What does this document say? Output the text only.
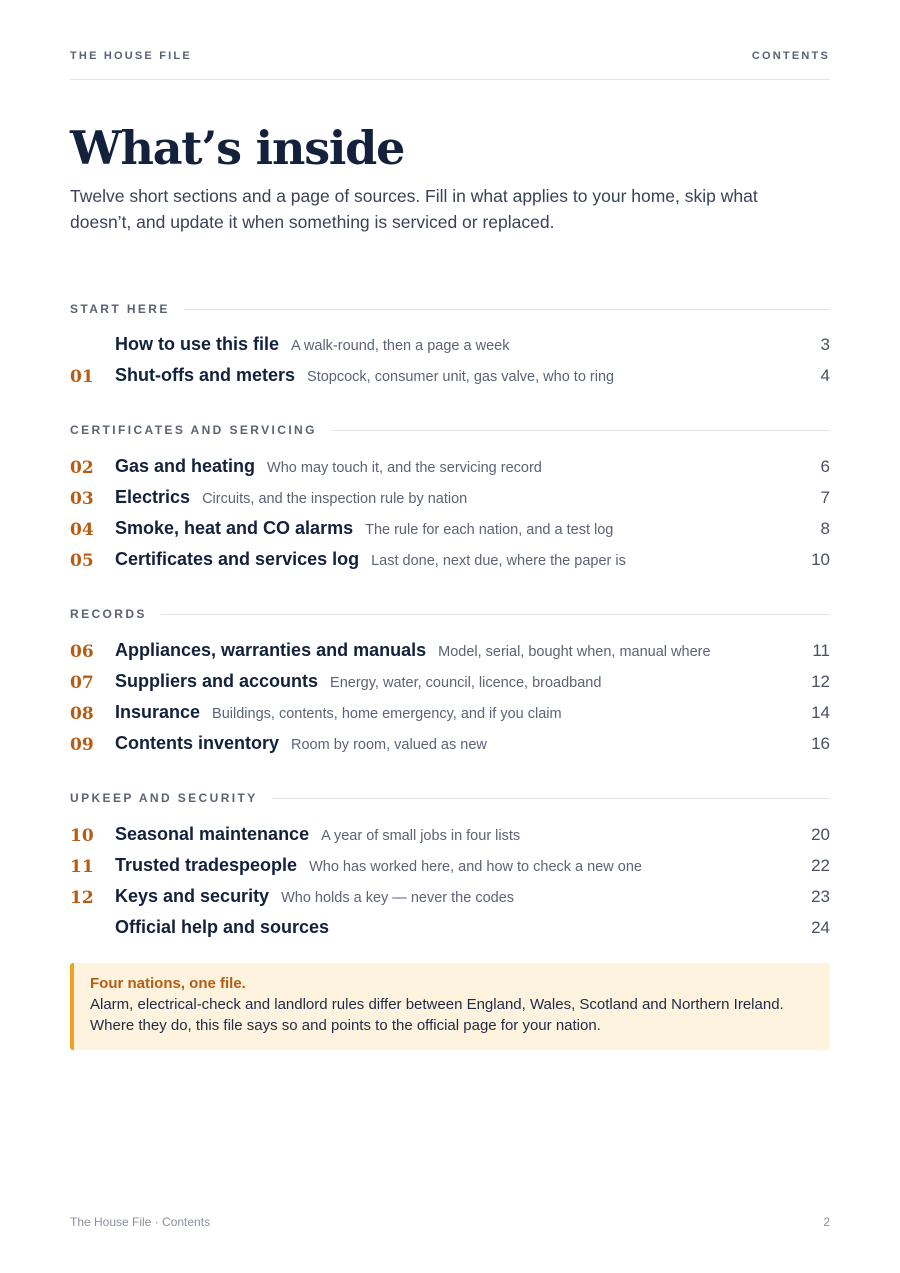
THE HOUSE FILE	CONTENTS
What’s inside

Twelve short sections and a page of sources. Fill in what applies to your home, skip what doesn’t, and update it when something is serviced or replaced.

START HERE
How to use this file A walk-round, then a page a week	3
01 Shut-offs and meters Stopcock, consumer unit, gas valve, who to ring	4
CERTIFICATES AND SERVICING
02 Gas and heating Who may touch it, and the servicing record	6
03 Electrics Circuits, and the inspection rule by nation	7
04 Smoke, heat and CO alarms The rule for each nation, and a test log	8
05 Certificates and services log Last done, next due, where the paper is	10
RECORDS
06 Appliances, warranties and manuals Model, serial, bought when, manual where	11
07 Suppliers and accounts Energy, water, council, licence, broadband	12
08 Insurance Buildings, contents, home emergency, and if you claim	14
09 Contents inventory Room by room, valued as new	16
UPKEEP AND SECURITY
10 Seasonal maintenance A year of small jobs in four lists	20
11 Trusted tradespeople Who has worked here, and how to check a new one	22
12 Keys and security Who holds a key — never the codes	23
Official help and sources	24
Four nations, one file.
Alarm, electrical-check and landlord rules differ between England, Wales, Scotland and Northern Ireland. Where they do, this file says so and points to the official page for your nation.
The House File · Contents	2
